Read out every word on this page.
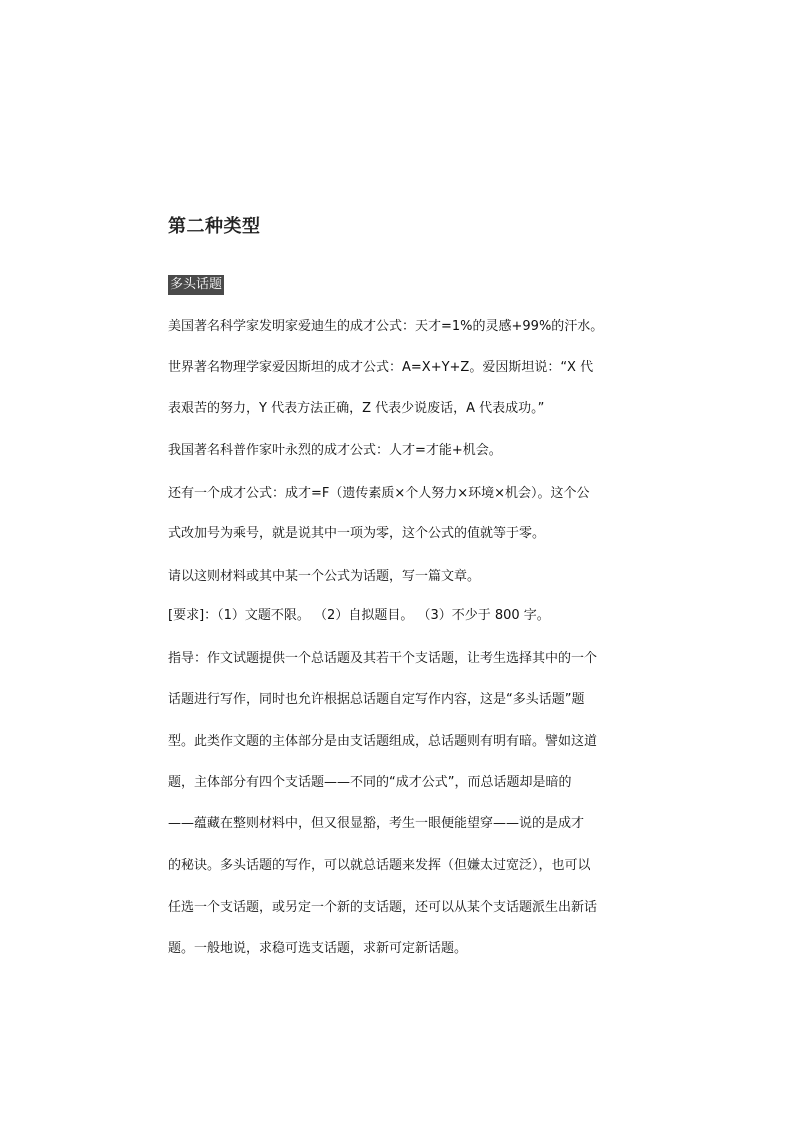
第二种类型
多头话题
美国著名科学家发明家爱迪生的成才公式：天才=1%的灵感+99%的汗水。
世界著名物理学家爱因斯坦的成才公式：A=X+Y+Z。爱因斯坦说：“X 代
表艰苦的努力，Y 代表方法正确，Z 代表少说废话，A 代表成功。”
我国著名科普作家叶永烈的成才公式：人才=才能+机会。
还有一个成才公式：成才=F（遗传素质×个人努力×环境×机会）。这个公
式改加号为乘号，就是说其中一项为零，这个公式的值就等于零。
请以这则材料或其中某一个公式为话题，写一篇文章。
[要求]：（1）文题不限。 （2）自拟题目。 （3）不少于 800 字。
指导：作文试题提供一个总话题及其若干个支话题，让考生选择其中的一个
话题进行写作，同时也允许根据总话题自定写作内容，这是“多头话题”题
型。此类作文题的主体部分是由支话题组成，总话题则有明有暗。譬如这道
题，主体部分有四个支话题——不同的“成才公式”，而总话题却是暗的
——蕴藏在整则材料中，但又很显豁，考生一眼便能望穿——说的是成才
的秘诀。多头话题的写作，可以就总话题来发挥（但嫌太过宽泛），也可以
任选一个支话题，或另定一个新的支话题，还可以从某个支话题派生出新话
题。一般地说，求稳可选支话题，求新可定新话题。
